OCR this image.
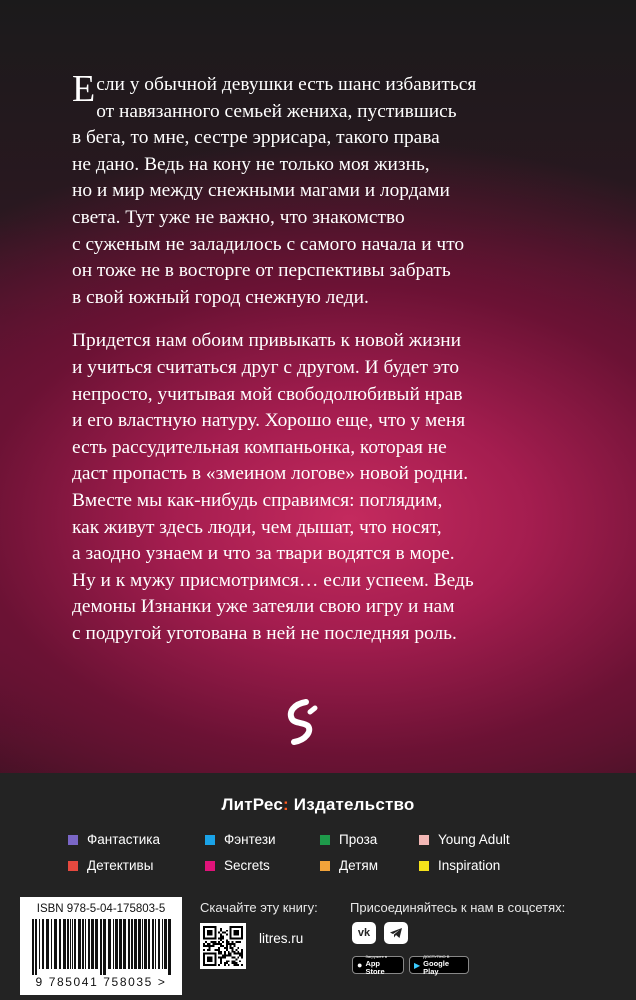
Е сли у обычной девушки есть шанс избавиться

от навязанного семьей жениха, пустившись
в бега, то мне, сестре эррисара, такого права
не дано. Ведь на кону не только моя жизнь,
но и мир между снежными магами и лордами
света. Тут уже не важно, что знакомство
с суженым не заладилось с самого начала и что
он тоже не в восторге от перспективы забрать
в свой южный город снежную леди.

Придется нам обоим привыкать к новой жизни
и учиться считаться друг с другом. И будет это
непросто, учитывая мой свободолюбивый нрав
и его властную натуру. Хорошо еще, что у меня
есть рассудительная компаньонка, которая не
даст пропасть в «змеином логове» новой родни.
Вместе мы как-нибудь справимся: поглядим,
как живут здесь люди, чем дышат, что носят,
а заодно узнаем и что за твари водятся в море.
Ну и к мужу присмотримся… если успеем. Ведь
демоны Изнанки уже затеяли свою игру и нам
с подругой уготована в ней не последняя роль.

ЛитРес: Издательство
Фантастика	Фэнтези	Проза	Young Adult
Детективы	Secrets	Детям	Inspiration
ISBN 978-5-04-175803-5
9 785041 758035 >
Скачайте эту книгу:
litres.ru
Присоединяйтесь к нам в соцсетях:
vk
●
Загрузите в
App Store
▶
ДОСТУПНО В
Google Play
